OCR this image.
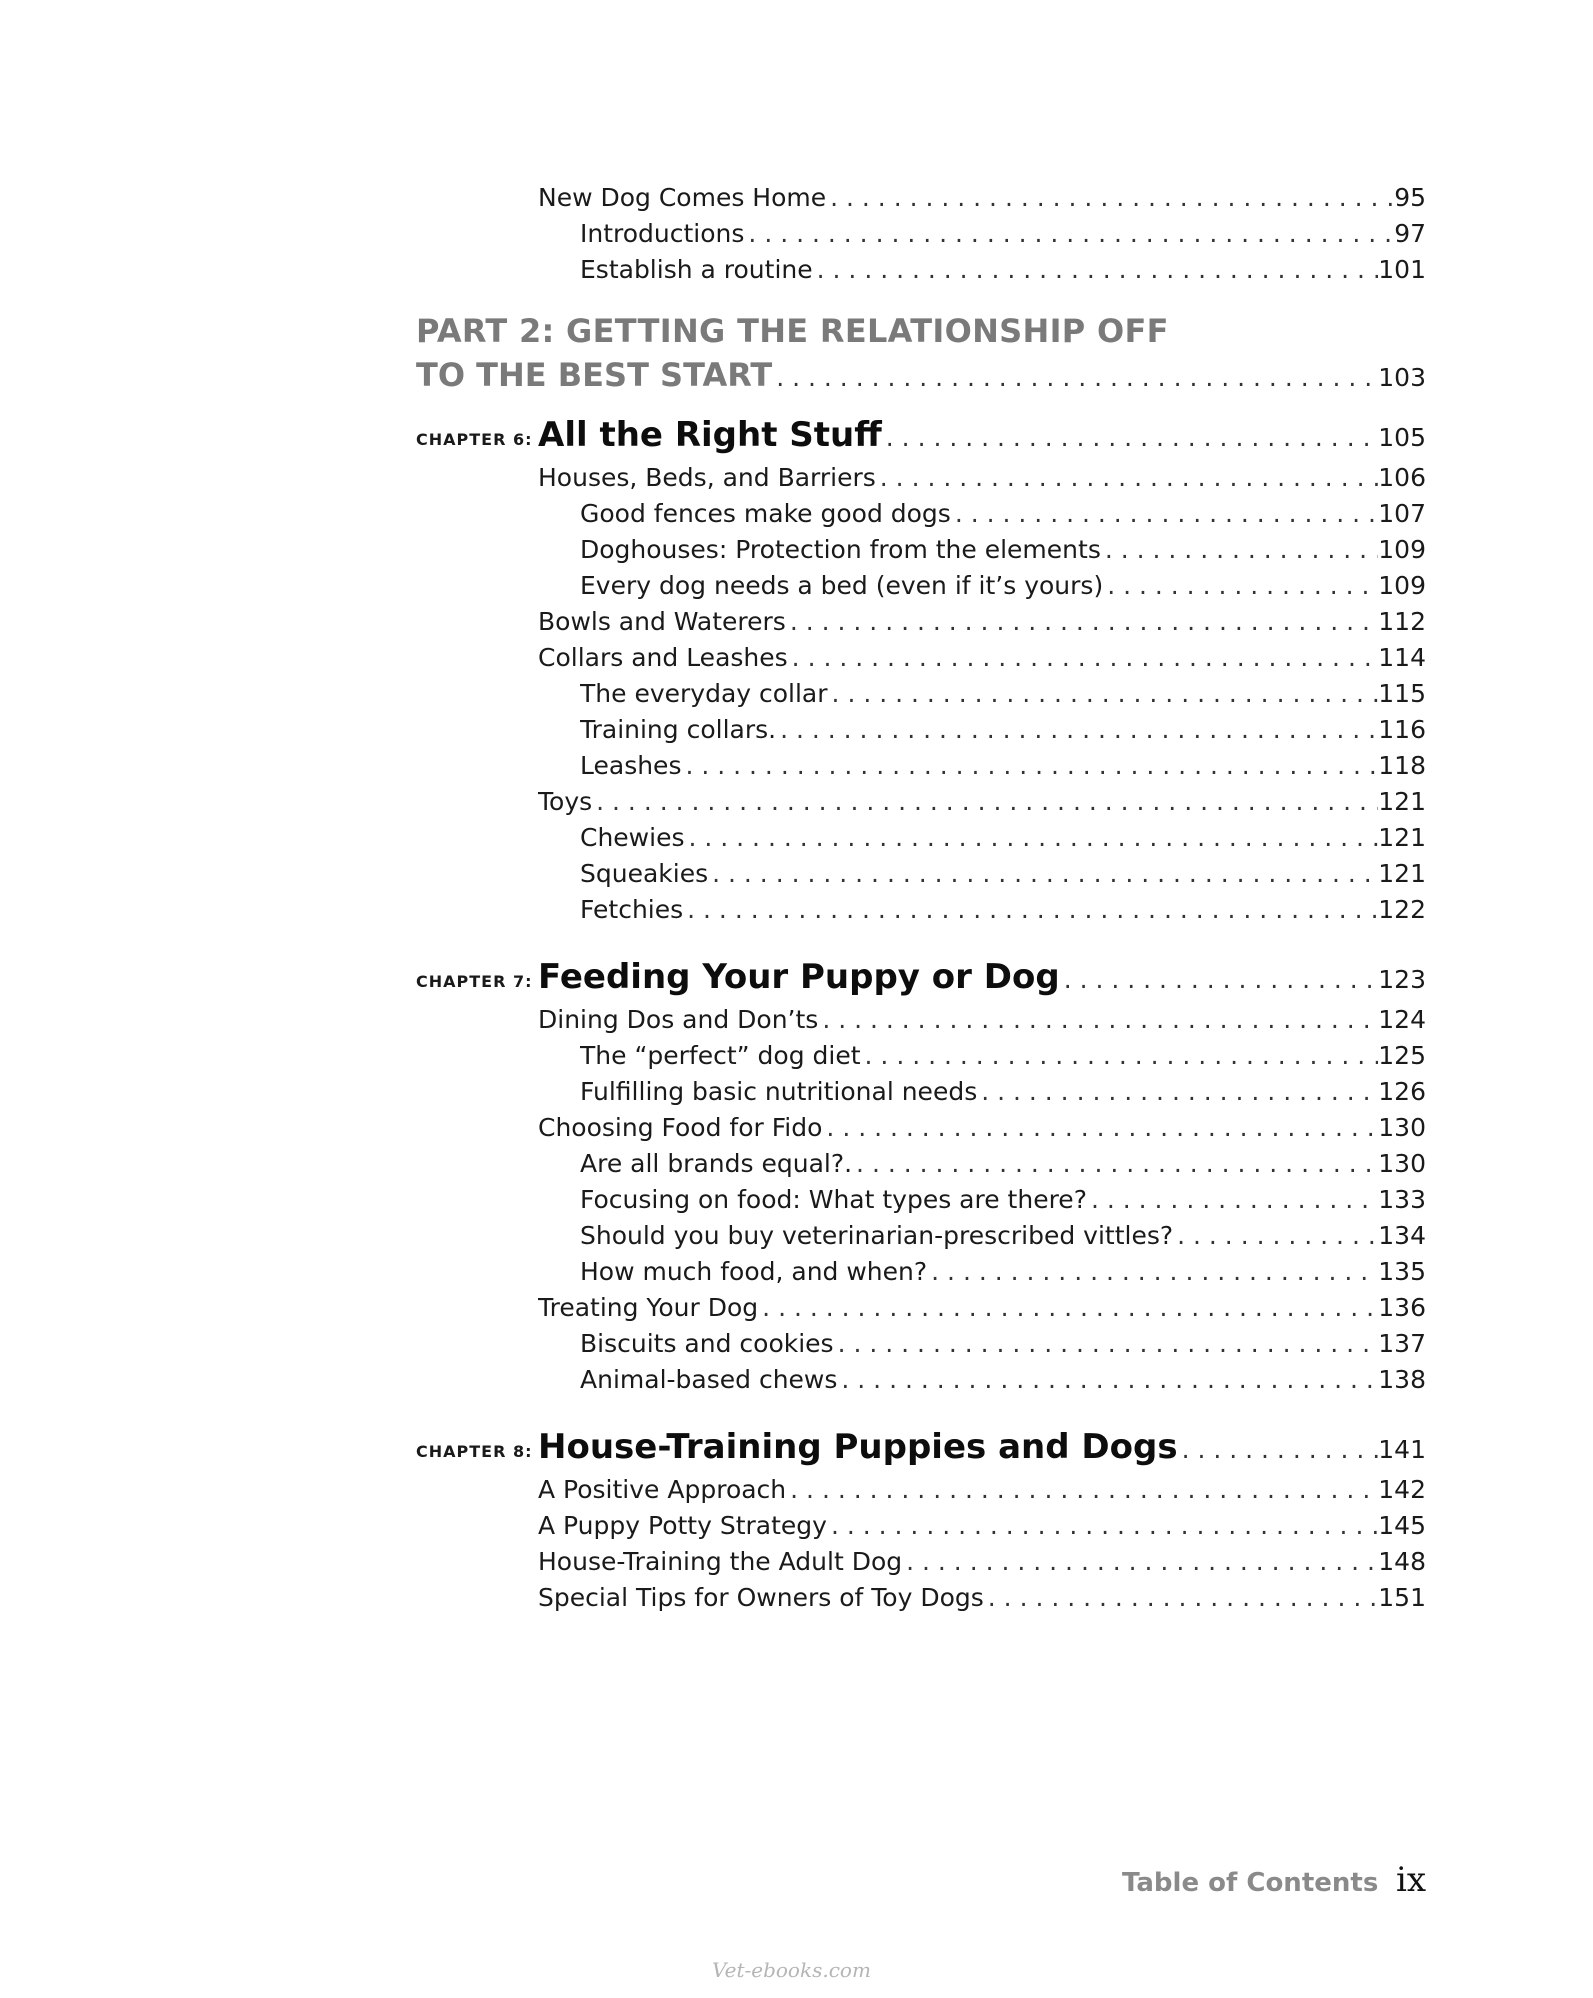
New Dog Comes Home . . .	95
Introductions . . .	97
Establish a routine . . .	101
PART 2: GETTING THE RELATIONSHIP OFF
TO THE BEST START . . .	103
CHAPTER 6: All the Right Stuff . . .	105
Houses, Beds, and Barriers . . .	106
Good fences make good dogs . . .	107
Doghouses: Protection from the elements . . .	109
Every dog needs a bed (even if it’s yours) . . .	109
Bowls and Waterers . . .	112
Collars and Leashes . . .	114
The everyday collar . . .	115
Training collars. . . .	116
Leashes . . .	118
Toys . . .	121
Chewies . . .	121
Squeakies . . .	121
Fetchies . . .	122
CHAPTER 7: Feeding Your Puppy or Dog . . .	123
Dining Dos and Don’ts . . .	124
The “perfect” dog diet . . .	125
Fulfilling basic nutritional needs . . .	126
Choosing Food for Fido . . .	130
Are all brands equal?. . . .	130
Focusing on food: What types are there? . . .	133
Should you buy veterinarian-prescribed vittles? . . .	134
How much food, and when? . . .	135
Treating Your Dog . . .	136
Biscuits and cookies . . .	137
Animal-based chews . . .	138
CHAPTER 8: House-Training Puppies and Dogs . . .	141
A Positive Approach . . .	142
A Puppy Potty Strategy . . .	145
House-Training the Adult Dog . . .	148
Special Tips for Owners of Toy Dogs . . .	151
Table of Contents ix
Vet-ebooks.com
